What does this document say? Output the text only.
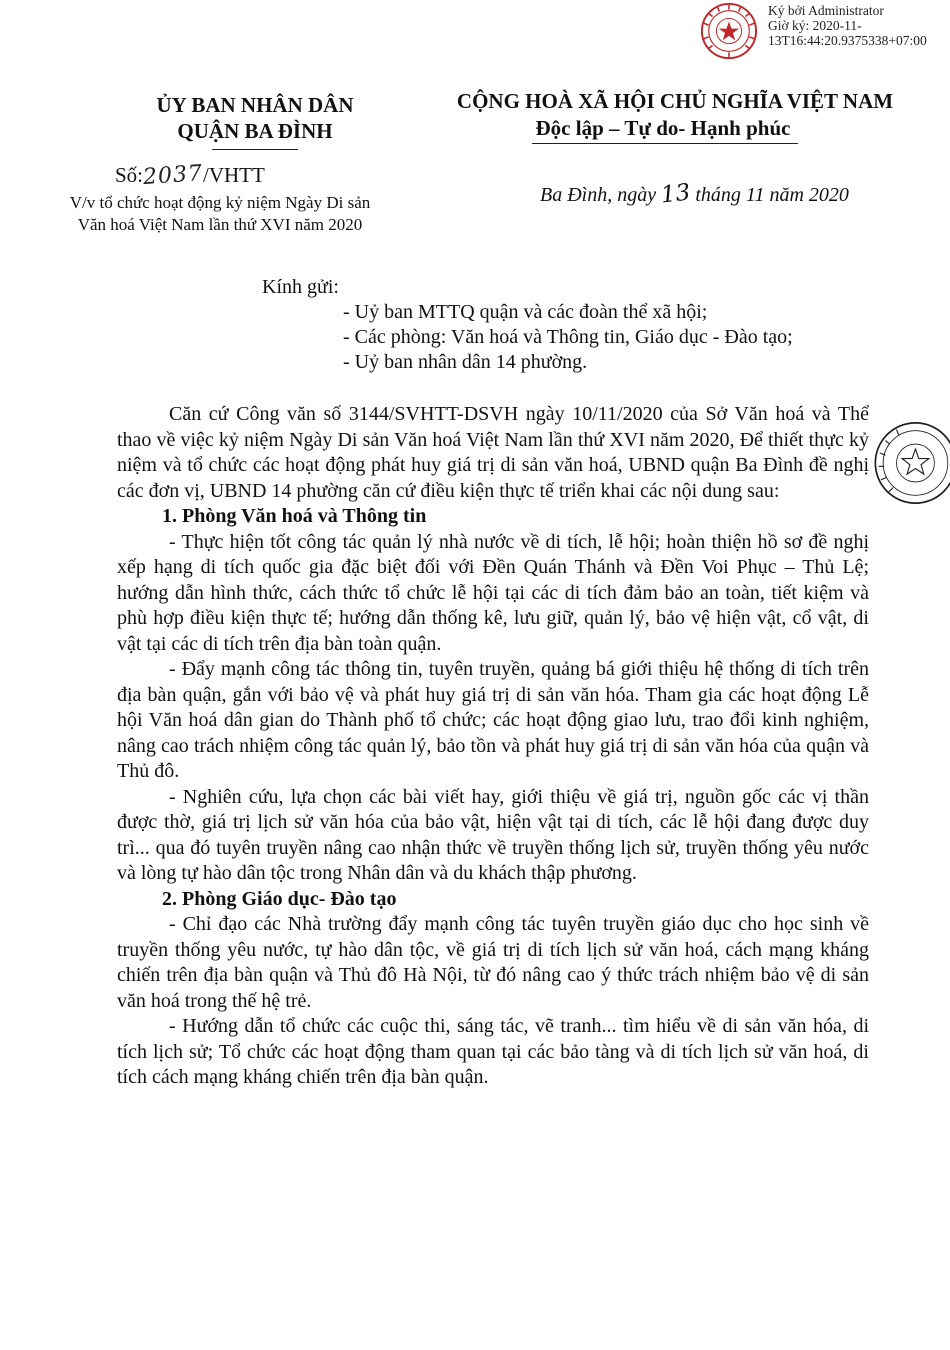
Ký bởi Administrator
Giờ ký: 2020-11-
13T16:44:20.9375338+07:00
ỦY BAN NHÂN DÂN
QUẬN BA ĐÌNH
CỘNG HOÀ XÃ HỘI CHỦ NGHĨA VIỆT NAM
Độc lập – Tự do- Hạnh phúc
Số:2037/VHTT
V/v tổ chức hoạt động kỷ niệm Ngày Di sản
Văn hoá Việt Nam lần thứ XVI năm 2020
Ba Đình, ngày 13 tháng 11 năm 2020
Kính gửi:
- Uỷ ban MTTQ quận và các đoàn thể xã hội;
- Các phòng: Văn hoá và Thông tin, Giáo dục - Đào tạo;
- Uỷ ban nhân dân 14 phường.

Căn cứ Công văn số 3144/SVHTT-DSVH ngày 10/11/2020 của Sở Văn hoá và Thể thao về việc kỷ niệm Ngày Di sản Văn hoá Việt Nam lần thứ XVI năm 2020, Để thiết thực kỷ niệm và tổ chức các hoạt động phát huy giá trị di sản văn hoá, UBND quận Ba Đình đề nghị các đơn vị, UBND 14 phường căn cứ điều kiện thực tế triển khai các nội dung sau:

1. Phòng Văn hoá và Thông tin

- Thực hiện tốt công tác quản lý nhà nước về di tích, lễ hội; hoàn thiện hồ sơ đề nghị xếp hạng di tích quốc gia đặc biệt đối với Đền Quán Thánh và Đền Voi Phục – Thủ Lệ; hướng dẫn hình thức, cách thức tổ chức lễ hội tại các di tích đảm bảo an toàn, tiết kiệm và phù hợp điều kiện thực tế; hướng dẫn thống kê, lưu giữ, quản lý, bảo vệ hiện vật, cổ vật, di vật tại các di tích trên địa bàn toàn quận.

- Đẩy mạnh công tác thông tin, tuyên truyền, quảng bá giới thiệu hệ thống di tích trên địa bàn quận, gắn với bảo vệ và phát huy giá trị di sản văn hóa. Tham gia các hoạt động Lễ hội Văn hoá dân gian do Thành phố tổ chức; các hoạt động giao lưu, trao đổi kinh nghiệm, nâng cao trách nhiệm công tác quản lý, bảo tồn và phát huy giá trị di sản văn hóa của quận và Thủ đô.

- Nghiên cứu, lựa chọn các bài viết hay, giới thiệu về giá trị, nguồn gốc các vị thần được thờ, giá trị lịch sử văn hóa của bảo vật, hiện vật tại di tích, các lễ hội đang được duy trì... qua đó tuyên truyền nâng cao nhận thức về truyền thống lịch sử, truyền thống yêu nước và lòng tự hào dân tộc trong Nhân dân và du khách thập phương.

2. Phòng Giáo dục- Đào tạo

- Chỉ đạo các Nhà trường đẩy mạnh công tác tuyên truyền giáo dục cho học sinh về truyền thống yêu nước, tự hào dân tộc, về giá trị di tích lịch sử văn hoá, cách mạng kháng chiến trên địa bàn quận và Thủ đô Hà Nội, từ đó nâng cao ý thức trách nhiệm bảo vệ di sản văn hoá trong thế hệ trẻ.

- Hướng dẫn tổ chức các cuộc thi, sáng tác, vẽ tranh... tìm hiểu về di sản văn hóa, di tích lịch sử; Tổ chức các hoạt động tham quan tại các bảo tàng và di tích lịch sử văn hoá, di tích cách mạng kháng chiến trên địa bàn quận.
